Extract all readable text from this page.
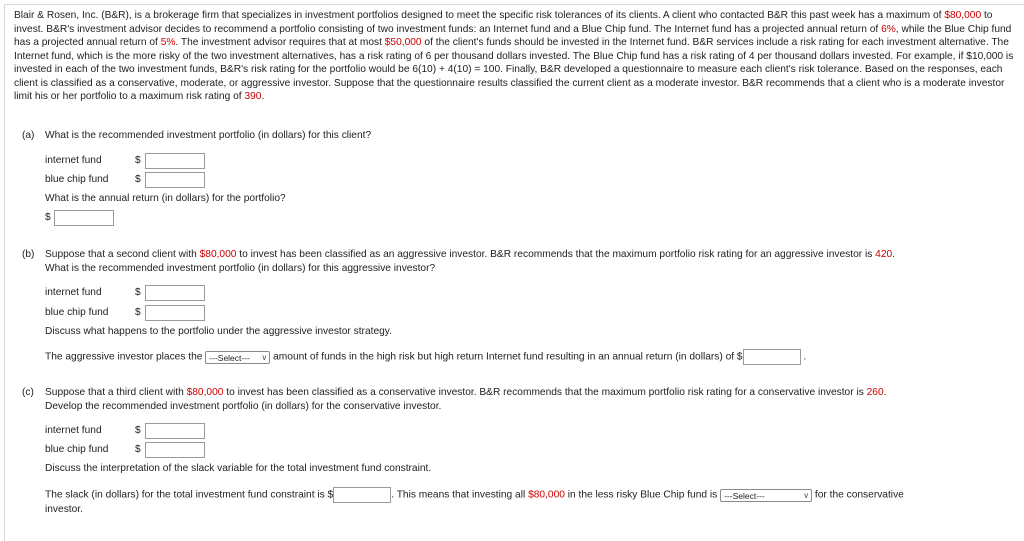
Blair & Rosen, Inc. (B&R), is a brokerage firm that specializes in investment portfolios designed to meet the specific risk tolerances of its clients. A client who contacted B&R this past week has a maximum of $80,000 to invest. B&R's investment advisor decides to recommend a portfolio consisting of two investment funds: an Internet fund and a Blue Chip fund. The Internet fund has a projected annual return of 6%, while the Blue Chip fund has a projected annual return of 5%. The investment advisor requires that at most $50,000 of the client's funds should be invested in the Internet fund. B&R services include a risk rating for each investment alternative. The Internet fund, which is the more risky of the two investment alternatives, has a risk rating of 6 per thousand dollars invested. The Blue Chip fund has a risk rating of 4 per thousand dollars invested. For example, if $10,000 is invested in each of the two investment funds, B&R's risk rating for the portfolio would be 6(10) + 4(10) = 100. Finally, B&R developed a questionnaire to measure each client's risk tolerance. Based on the responses, each client is classified as a conservative, moderate, or aggressive investor. Suppose that the questionnaire results classified the current client as a moderate investor. B&R recommends that a client who is a moderate investor limit his or her portfolio to a maximum risk rating of 390.
(a) What is the recommended investment portfolio (in dollars) for this client?
internet fund	$
blue chip fund	$
What is the annual return (in dollars) for the portfolio?
$
(b) Suppose that a second client with $80,000 to invest has been classified as an aggressive investor. B&R recommends that the maximum portfolio risk rating for an aggressive investor is 420.
What is the recommended investment portfolio (in dollars) for this aggressive investor?
internet fund	$
blue chip fund	$
Discuss what happens to the portfolio under the aggressive investor strategy.
The aggressive investor places the ---Select--- ∨ amount of funds in the high risk but high return Internet fund resulting in an annual return (in dollars) of $	.
(c) Suppose that a third client with $80,000 to invest has been classified as a conservative investor. B&R recommends that the maximum portfolio risk rating for a conservative investor is 260.
Develop the recommended investment portfolio (in dollars) for the conservative investor.
internet fund	$
blue chip fund	$
Discuss the interpretation of the slack variable for the total investment fund constraint.
The slack (in dollars) for the total investment fund constraint is $	. This means that investing all $80,000 in the less risky Blue Chip fund is ---Select---	∨ for the conservative
investor.
